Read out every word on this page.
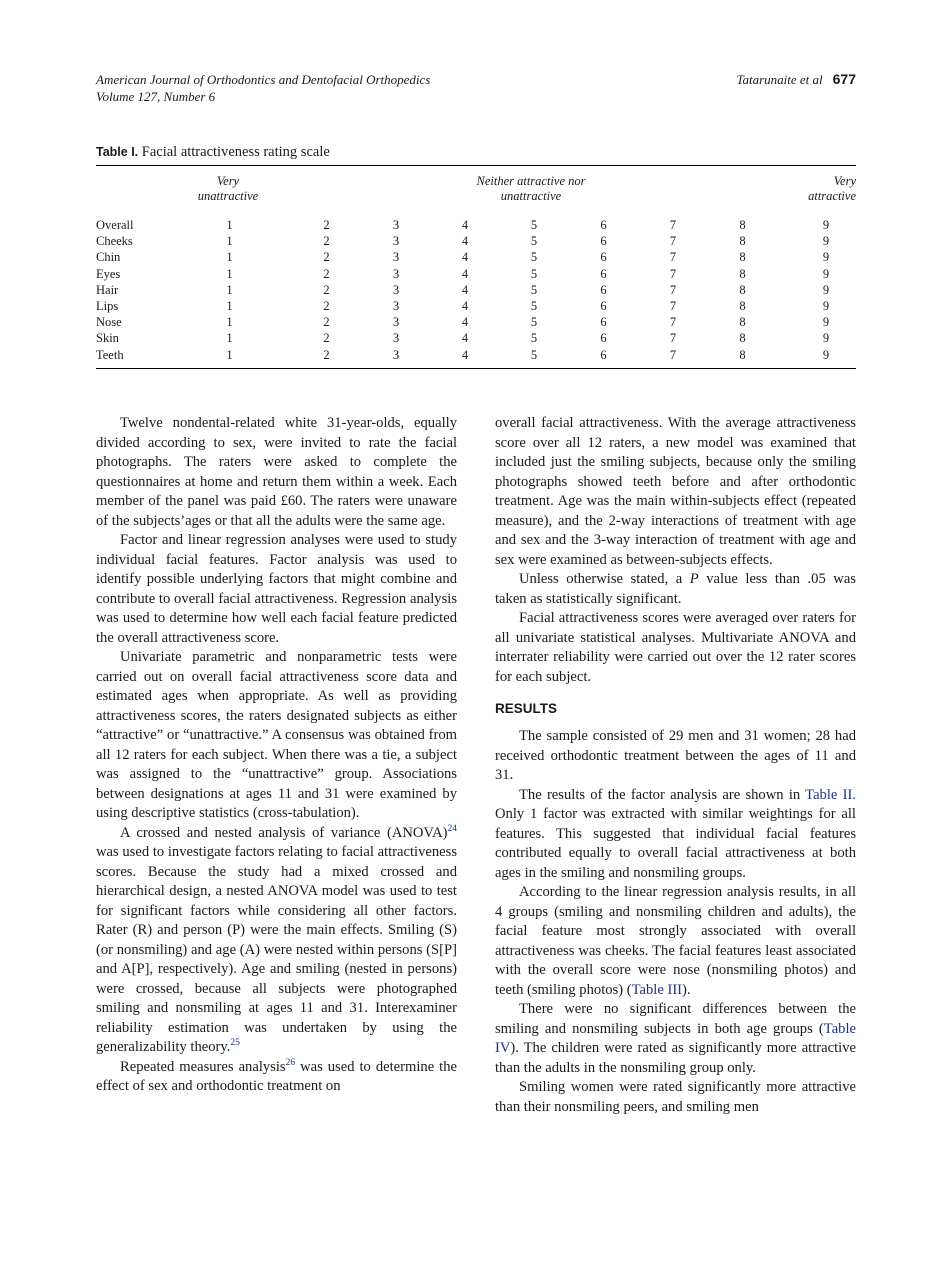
American Journal of Orthodontics and Dentofacial Orthopedics
Volume 127, Number 6
Tatarunaite et al 677
Table I. Facial attractiveness rating scale
Very
unattractive
Neither attractive nor
unattractive
Very
attractive
Overall	1	2	3	4	5	6	7	8	9
Cheeks	1	2	3	4	5	6	7	8	9
Chin	1	2	3	4	5	6	7	8	9
Eyes	1	2	3	4	5	6	7	8	9
Hair	1	2	3	4	5	6	7	8	9
Lips	1	2	3	4	5	6	7	8	9
Nose	1	2	3	4	5	6	7	8	9
Skin	1	2	3	4	5	6	7	8	9
Teeth	1	2	3	4	5	6	7	8	9

Twelve nondental-related white 31-year-olds, equally divided according to sex, were invited to rate the facial photographs. The raters were asked to complete the questionnaires at home and return them within a week. Each member of the panel was paid £60. The raters were unaware of the subjects’ages or that all the adults were the same age.

Factor and linear regression analyses were used to study individual facial features. Factor analysis was used to identify possible underlying factors that might combine and contribute to overall facial attractiveness. Regression analysis was used to determine how well each facial feature predicted the overall attractiveness score.

Univariate parametric and nonparametric tests were carried out on overall facial attractiveness score data and estimated ages when appropriate. As well as providing attractiveness scores, the raters designated subjects as either “attractive” or “unattractive.” A consensus was obtained from all 12 raters for each subject. When there was a tie, a subject was assigned to the “unattractive” group. Associations between designations at ages 11 and 31 were examined by using descriptive statistics (cross-tabulation).

A crossed and nested analysis of variance (ANOVA)$^{24}$ was used to investigate factors relating to facial attractiveness scores. Because the study had a mixed crossed and hierarchical design, a nested ANOVA model was used to test for significant factors while considering all other factors. Rater (R) and person (P) were the main effects. Smiling (S) (or nonsmiling) and age (A) were nested within persons (S[P] and A[P], respectively). Age and smiling (nested in persons) were crossed, because all subjects were photographed smiling and nonsmiling at ages 11 and 31. Interexaminer reliability estimation was undertaken by using the generalizability theory.$^{25}$

Repeated measures analysis$^{26}$ was used to determine the effect of sex and orthodontic treatment on

overall facial attractiveness. With the average attractiveness score over all 12 raters, a new model was examined that included just the smiling subjects, because only the smiling photographs showed teeth before and after orthodontic treatment. Age was the main within-subjects effect (repeated measure), and the 2-way interactions of treatment with age and sex and the 3-way interaction of treatment with age and sex were examined as between-subjects effects.

Unless otherwise stated, a P value less than .05 was taken as statistically significant.

Facial attractiveness scores were averaged over raters for all univariate statistical analyses. Multivariate ANOVA and interrater reliability were carried out over the 12 rater scores for each subject.

RESULTS

The sample consisted of 29 men and 31 women; 28 had received orthodontic treatment between the ages of 11 and 31.

The results of the factor analysis are shown in Table II. Only 1 factor was extracted with similar weightings for all features. This suggested that individual facial features contributed equally to overall facial attractiveness at both ages in the smiling and nonsmiling groups.

According to the linear regression analysis results, in all 4 groups (smiling and nonsmiling children and adults), the facial feature most strongly associated with overall attractiveness was cheeks. The facial features least associated with the overall score were nose (nonsmiling photos) and teeth (smiling photos) (Table III).

There were no significant differences between the smiling and nonsmiling subjects in both age groups (Table IV). The children were rated as significantly more attractive than the adults in the nonsmiling group only.

Smiling women were rated significantly more attractive than their nonsmiling peers, and smiling men
